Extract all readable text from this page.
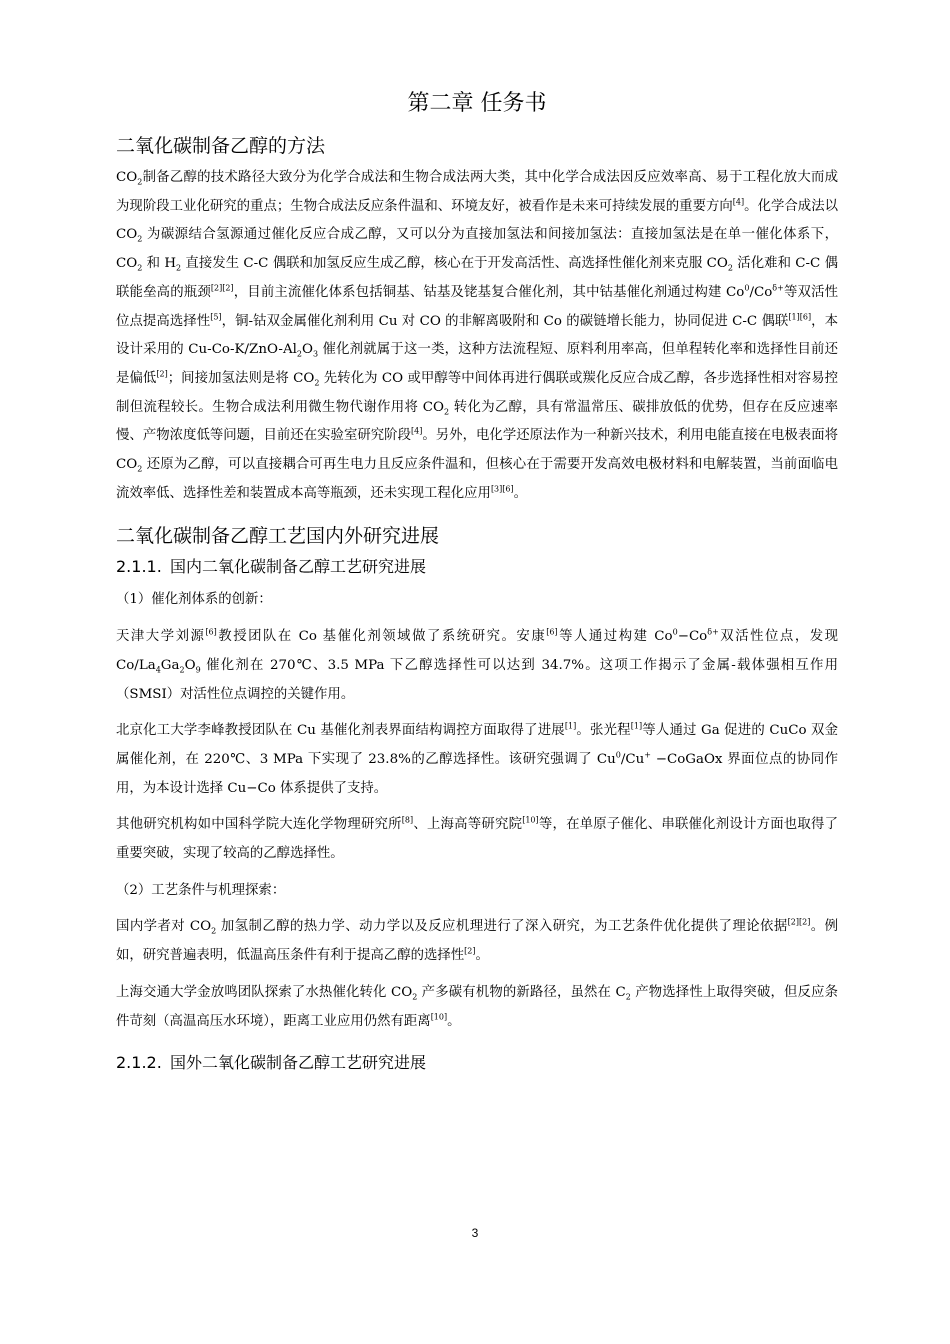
第二章 任务书
二氧化碳制备乙醇的方法

$CO_2$制备乙醇的技术路径大致分为化学合成法和生物合成法两大类，其中化学合成法因反应效率高、易于工程化放大而成为现阶段工业化研究的重点；生物合成法反应条件温和、环境友好，被看作是未来可持续发展的重要方向[4]。化学合成法以 $CO_2$ 为碳源结合氢源通过催化反应合成乙醇，又可以分为直接加氢法和间接加氢法：直接加氢法是在单一催化体系下，$CO_2$ 和 $H_2$ 直接发生 C-C 偶联和加氢反应生成乙醇，核心在于开发高活性、高选择性催化剂来克服 $CO_2$ 活化难和 C-C 偶联能垒高的瓶颈[2][2]，目前主流催化体系包括铜基、钴基及铑基复合催化剂，其中钴基催化剂通过构建 $Co^0/Co^{\delta+}$等双活性位点提高选择性[5]，铜-钴双金属催化剂利用 Cu 对 CO 的非解离吸附和 Co 的碳链增长能力，协同促进 C-C 偶联[1][6]，本设计采用的 $Cu-Co-K/ZnO-Al_2O_3$ 催化剂就属于这一类，这种方法流程短、原料利用率高，但单程转化率和选择性目前还是偏低[2]；间接加氢法则是将 $CO_2$ 先转化为 CO 或甲醇等中间体再进行偶联或羰化反应合成乙醇，各步选择性相对容易控制但流程较长。生物合成法利用微生物代谢作用将 $CO_2$ 转化为乙醇，具有常温常压、碳排放低的优势，但存在反应速率慢、产物浓度低等问题，目前还在实验室研究阶段[4]。另外，电化学还原法作为一种新兴技术，利用电能直接在电极表面将 $CO_2$ 还原为乙醇，可以直接耦合可再生电力且反应条件温和，但核心在于需要开发高效电极材料和电解装置，当前面临电流效率低、选择性差和装置成本高等瓶颈，还未实现工程化应用[3][6]。

二氧化碳制备乙醇工艺国内外研究进展
2.1.1. 国内二氧化碳制备乙醇工艺研究进展

（1）催化剂体系的创新：

天津大学刘源[6]教授团队在 Co 基催化剂领域做了系统研究。安康[6]等人通过构建 $Co^0-Co^{\delta+}$双活性位点，发现 $Co/La_4Ga_2O_9$ 催化剂在 270℃、3.5 MPa 下乙醇选择性可以达到 34.7%。这项工作揭示了金属-载体强相互作用（SMSI）对活性位点调控的关键作用。

北京化工大学李峰教授团队在 Cu 基催化剂表界面结构调控方面取得了进展[1]。张光程[1]等人通过 Ga 促进的 CuCo 双金属催化剂，在 220℃、3 MPa 下实现了 23.8%的乙醇选择性。该研究强调了 $Cu^0/Cu^+$ −CoGaOx 界面位点的协同作用，为本设计选择 Cu−Co 体系提供了支持。

其他研究机构如中国科学院大连化学物理研究所[8]、上海高等研究院[10]等，在单原子催化、串联催化剂设计方面也取得了重要突破，实现了较高的乙醇选择性。

（2）工艺条件与机理探索：

国内学者对 $CO_2$ 加氢制乙醇的热力学、动力学以及反应机理进行了深入研究，为工艺条件优化提供了理论依据[2][2]。例如，研究普遍表明，低温高压条件有利于提高乙醇的选择性[2]。

上海交通大学金放鸣团队探索了水热催化转化 $CO_2$ 产多碳有机物的新路径，虽然在 $C_2$ 产物选择性上取得突破，但反应条件苛刻（高温高压水环境），距离工业应用仍然有距离[10]。

2.1.2. 国外二氧化碳制备乙醇工艺研究进展
3
